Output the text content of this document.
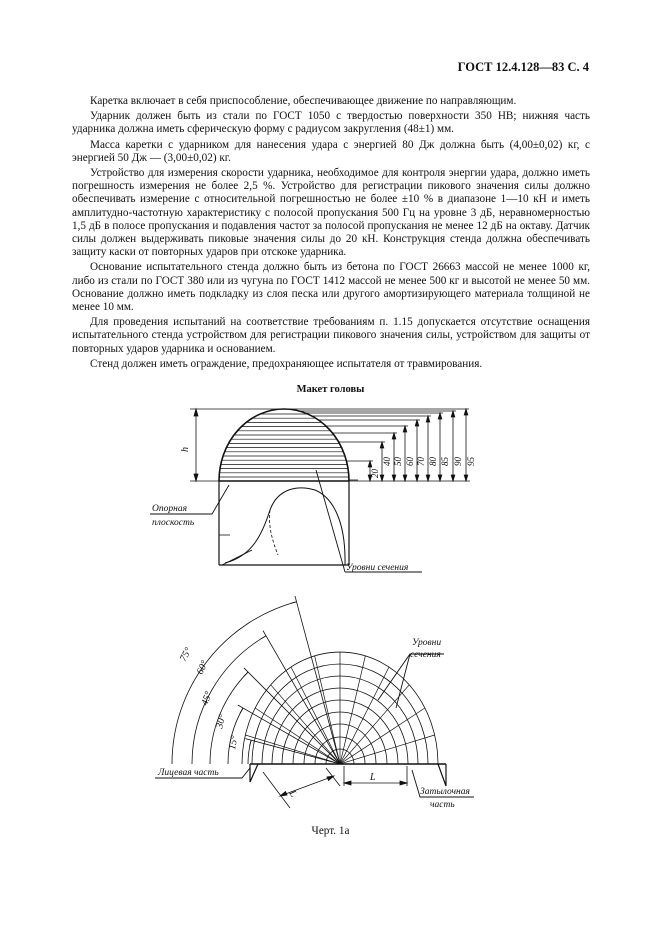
ГОСТ 12.4.128—83 С. 4

Каретка включает в себя приспособление, обеспечивающее движение по направляющим.

Ударник должен быть из стали по ГОСТ 1050 с твердостью поверхности 350 НВ; нижняя часть ударника должна иметь сферическую форму с радиусом закругления (48±1) мм.

Масса каретки с ударником для нанесения удара с энергией 80 Дж должна быть (4,00±0,02) кг, с энергией 50 Дж — (3,00±0,02) кг.

Устройство для измерения скорости ударника, необходимое для контроля энергии удара, должно иметь погрешность измерения не более 2,5 %. Устройство для регистрации пикового значения силы должно обеспечивать измерение с относительной погрешностью не более ±10 % в диапазоне 1—10 кН и иметь амплитудно-частотную характеристику с полосой пропускания 500 Гц на уровне 3 дБ, неравномерностью 1,5 дБ в полосе пропускания и подавления частот за полосой пропускания не менее 12 дБ на октаву. Датчик силы должен выдерживать пиковые значения силы до 20 кН. Конструкция стенда должна обеспечивать защиту каски от повторных ударов при отскоке ударника.

Основание испытательного стенда должно быть из бетона по ГОСТ 26663 массой не менее 1000 кг, либо из стали по ГОСТ 380 или из чугуна по ГОСТ 1412 массой не менее 500 кг и высотой не менее 50 мм. Основание должно иметь подкладку из слоя песка или другого амортизирующего материала толщиной не менее 10 мм.

Для проведения испытаний на соответствие требованиям п. 1.15 допускается отсутствие оснащения испытательного стенда устройством для регистрации пикового значения силы, устройством для защиты от повторных ударов ударника и основанием.

Стенд должен иметь ограждение, предохраняющее испытателя от травмирования.

Макет головы
h
20
40 50 60 70 80 85 90 95
Опорная
плоскость
Уровни сечения
Уровни
сечения
75°
60°
45°
30°
15°
Лицевая часть
Затылочная
часть
L
L
Черт. 1а
